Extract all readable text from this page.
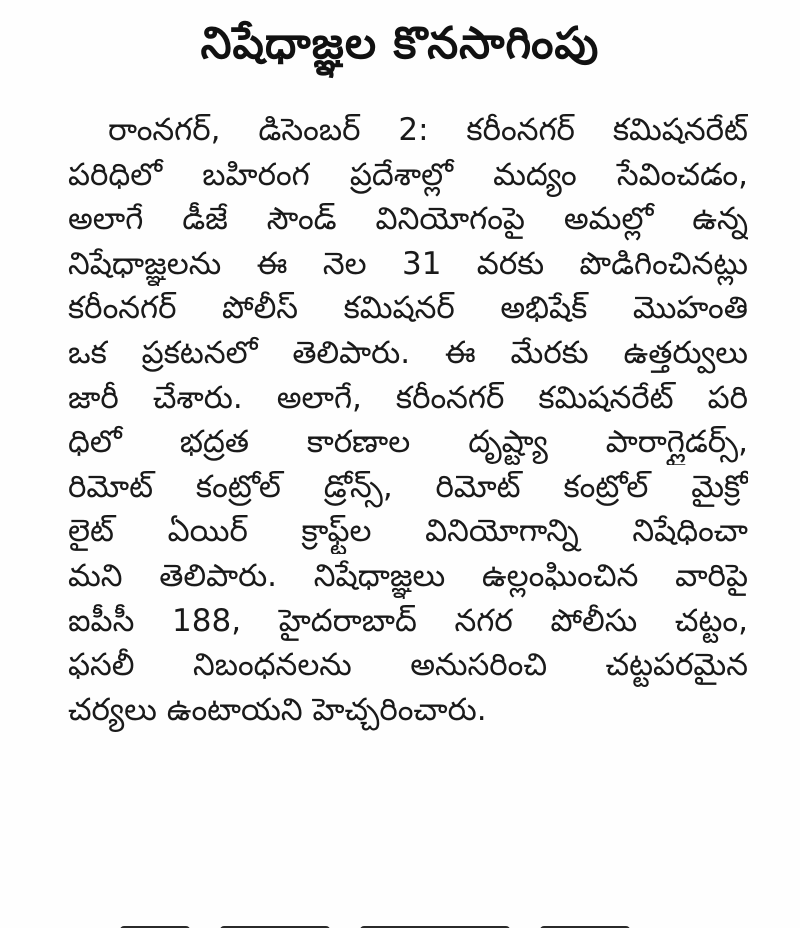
నిషేధాజ్ఞల కొనసాగింపు
రాంనగర్, డిసెంబర్ 2: కరీంనగర్ కమిషనరేట్
పరిధిలో బహిరంగ ప్రదేశాల్లో మద్యం సేవించడం,
అలాగే డీజే సౌండ్ వినియోగంపై అమల్లో ఉన్న
నిషేధాజ్ఞలను ఈ నెల 31 వరకు పొడిగించినట్లు
కరీంనగర్ పోలీస్ కమిషనర్ అభిషేక్ మొహంతి
ఒక ప్రకటనలో తెలిపారు. ఈ మేరకు ఉత్తర్వులు
జారీ చేశారు. అలాగే, కరీంనగర్ కమిషనరేట్ పరి
ధిలో భద్రత కారణాల దృష్ట్యా పారాగ్లైడర్స్,
రిమోట్ కంట్రోల్ డ్రోన్స్, రిమోట్ కంట్రోల్ మైక్రో
లైట్ ఏయిర్ క్రాఫ్ట్‌ల వినియోగాన్ని నిషేధించా
మని తెలిపారు. నిషేధాజ్ఞలు ఉల్లంఘించిన వారిపై
ఐపీసీ 188, హైదరాబాద్ నగర పోలీసు చట్టం,
ఫసలీ నిబంధనలను అనుసరించి చట్టపరమైన
చర్యలు ఉంటాయని హెచ్చరించారు.
